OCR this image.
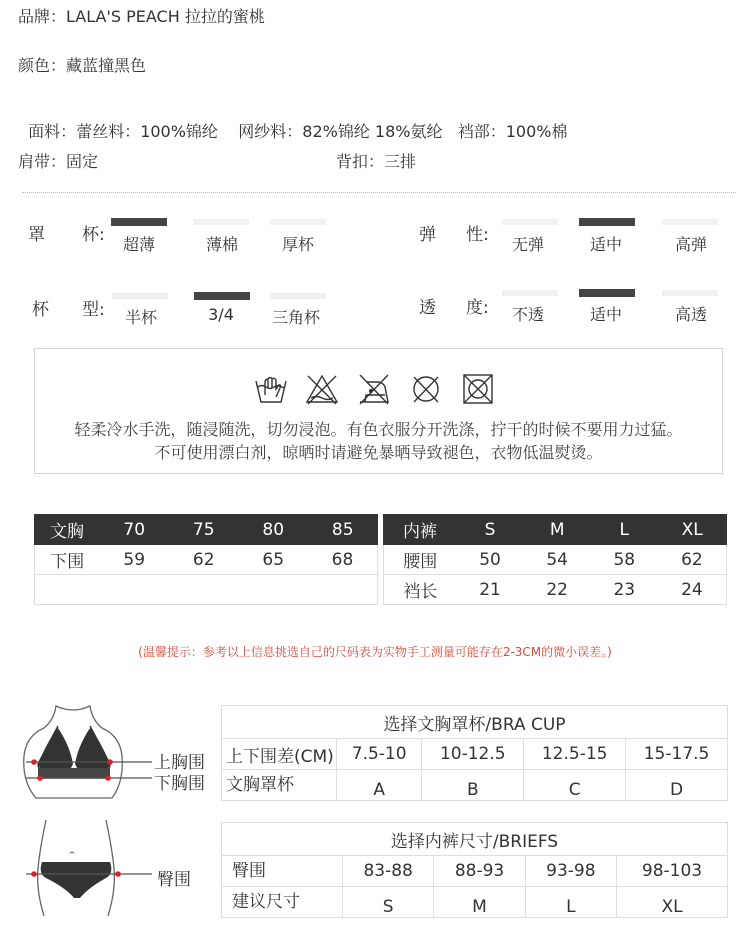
品牌：LALA'S PEACH 拉拉的蜜桃
颜色：藏蓝撞黑色

面料：蕾丝料：100%锦纶    网纱料：82%锦纶 18%氨纶   裆部：100%棉

肩带：固定	背扣：三排
罩 杯:	超薄	薄棉	厚杯	弹 性:	无弹	适中	高弹
杯 型:	半杯	3/4	三角杯	透 度:	不透	适中	高透

轻柔冷水手洗，随浸随洗，切勿浸泡。有色衣服分开洗涤，拧干的时候不要用力过猛。

不可使用漂白剂，晾晒时请避免暴晒导致褪色，衣物低温熨烫。

文胸	70	75	80	85
下围	59	62	65	68

内裤	S	M	L	XL
腰围	50	54	58	62
裆长	21	22	23	24
(温馨提示：参考以上信息挑选自己的尺码表为实物手工测量可能存在2-3CM的微小误差。)
上胸围
下胸围
臀围
选择文胸罩杯/BRA CUP				
上下围差(CM)	7.5-10	10-12.5	12.5-15	15-17.5
文胸罩杯	A	B	C	D
选择内裤尺寸/BRIEFS				
臀围	83-88	88-93	93-98	98-103
建议尺寸	S	M	L	XL
